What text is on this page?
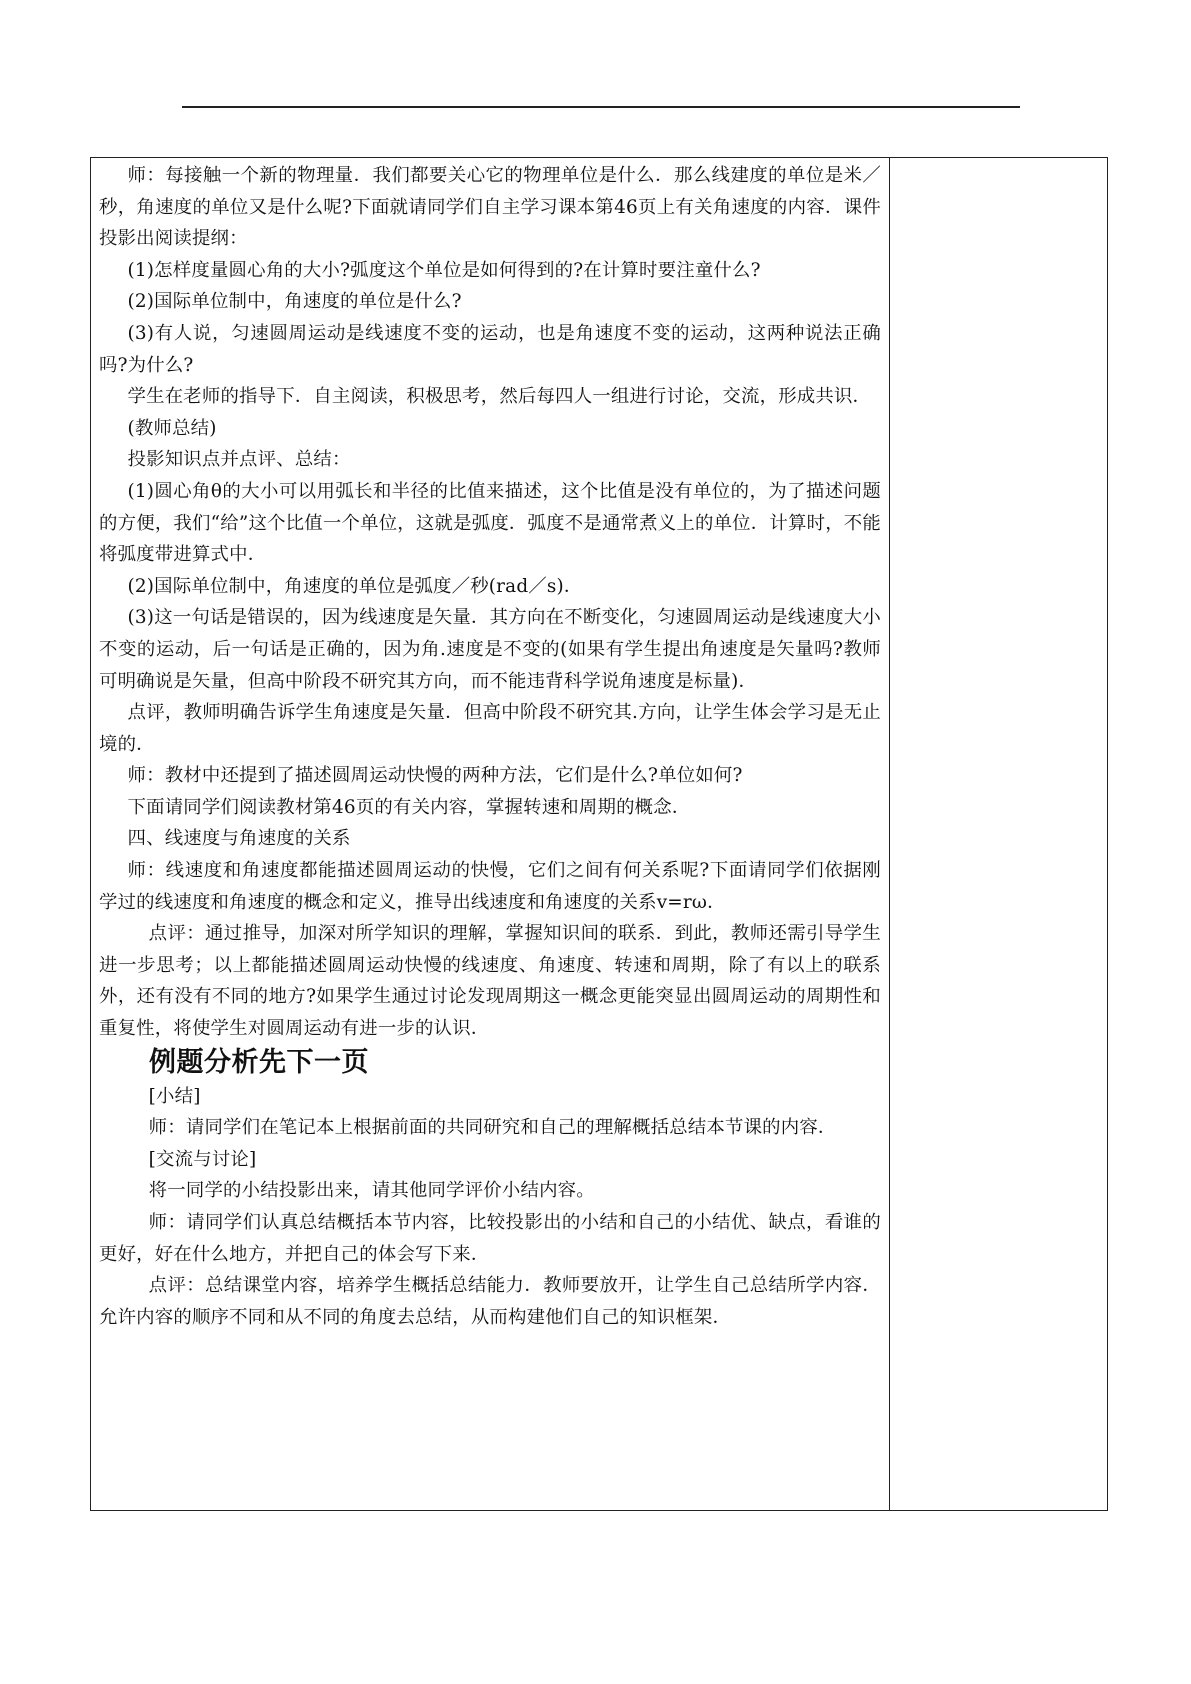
师：每接触一个新的物理量．我们都要关心它的物理单位是什么．那么线建度的单位是米／秒，角速度的单位又是什么呢?下面就请同学们自主学习课本第46页上有关角速度的内容．课件投影出阅读提纲：

(1)怎样度量圆心角的大小?弧度这个单位是如何得到的?在计算时要注童什么?

(2)国际单位制中，角速度的单位是什么?

(3)有人说，匀速圆周运动是线速度不变的运动，也是角速度不变的运动，这两种说法正确吗?为什么?

学生在老师的指导下．自主阅读，积极思考，然后每四人一组进行讨论，交流，形成共识．

(教师总结)

投影知识点并点评、总结：

(1)圆心角θ的大小可以用弧长和半径的比值来描述，这个比值是没有单位的，为了描述问题的方便，我们“给”这个比值一个单位，这就是弧度．弧度不是通常煮义上的单位．计算时，不能将弧度带进算式中．

(2)国际单位制中，角速度的单位是弧度／秒(rad／s)．

(3)这一句话是错误的，因为线速度是矢量．其方向在不断变化，匀速圆周运动是线速度大小不变的运动，后一句话是正确的，因为角.速度是不变的(如果有学生提出角速度是矢量吗?教师可明确说是矢量，但高中阶段不研究其方向，而不能违背科学说角速度是标量)．

点评，教师明确告诉学生角速度是矢量．但高中阶段不研究其.方向，让学生体会学习是无止境的．

师：教材中还提到了描述圆周运动快慢的两种方法，它们是什么?单位如何?

下面请同学们阅读教材第46页的有关内容，掌握转速和周期的概念．

四、线速度与角速度的关系

师：线速度和角速度都能描述圆周运动的快慢，它们之间有何关系呢?下面请同学们依据刚学过的线速度和角速度的概念和定义，推导出线速度和角速度的关系v=rω．

点评：通过推导，加深对所学知识的理解，掌握知识间的联系．到此，教师还需引导学生进一步思考；以上都能描述圆周运动快慢的线速度、角速度、转速和周期，除了有以上的联系外，还有没有不同的地方?如果学生通过讨论发现周期这一概念更能突显出圆周运动的周期性和重复性，将使学生对圆周运动有进一步的认识．

例题分析先下一页

[小结]

师：请同学们在笔记本上根据前面的共同研究和自己的理解概括总结本节课的内容．

[交流与讨论]

将一同学的小结投影出来，请其他同学评价小结内容。

师：请同学们认真总结概括本节内容，比较投影出的小结和自己的小结优、缺点，看谁的更好，好在什么地方，并把自己的体会写下来．

点评：总结课堂内容，培养学生概括总结能力．教师要放开，让学生自己总结所学内容．允许内容的顺序不同和从不同的角度去总结，从而构建他们自己的知识框架．
